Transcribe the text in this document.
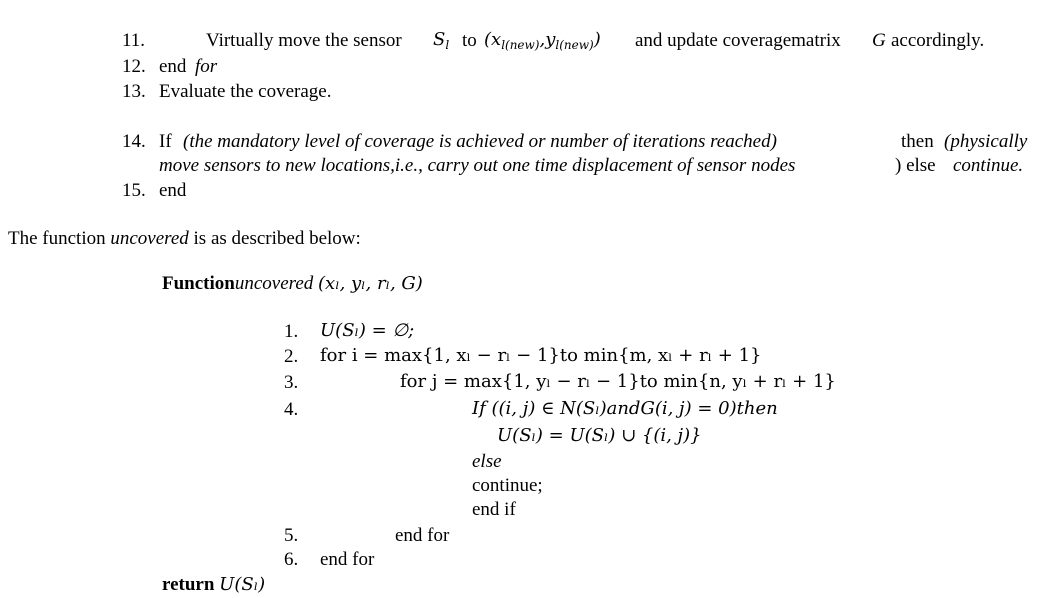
11.	Virtually move the sensor $S_l$ to $(x_{l(new)},y_{l(new)})$ and update coveragematrix G accordingly.
12. end for
13. Evaluate the coverage.
14. If (the mandatory level of coverage is achieved or number of iterations reached)	then (physically
move sensors to new locations,i.e., carry out one time displacement of sensor nodes	) else continue.
15. end
The function uncovered is as described below:
Functionuncovered (xₗ, yₗ, rₗ, G)
1. U(Sₗ) = ∅;
2. for i = max{1, xₗ − rₗ − 1}to min{m, xₗ + rₗ + 1}
3.	for j = max{1, yₗ − rₗ − 1}to min{n, yₗ + rₗ + 1}
4.	If ((i, j) ∈ N(Sₗ)andG(i, j) = 0)then
U(Sₗ) = U(Sₗ) ∪ {(i, j)}
else
continue;
end if
5.	end for
6. end for
return U(Sₗ)
